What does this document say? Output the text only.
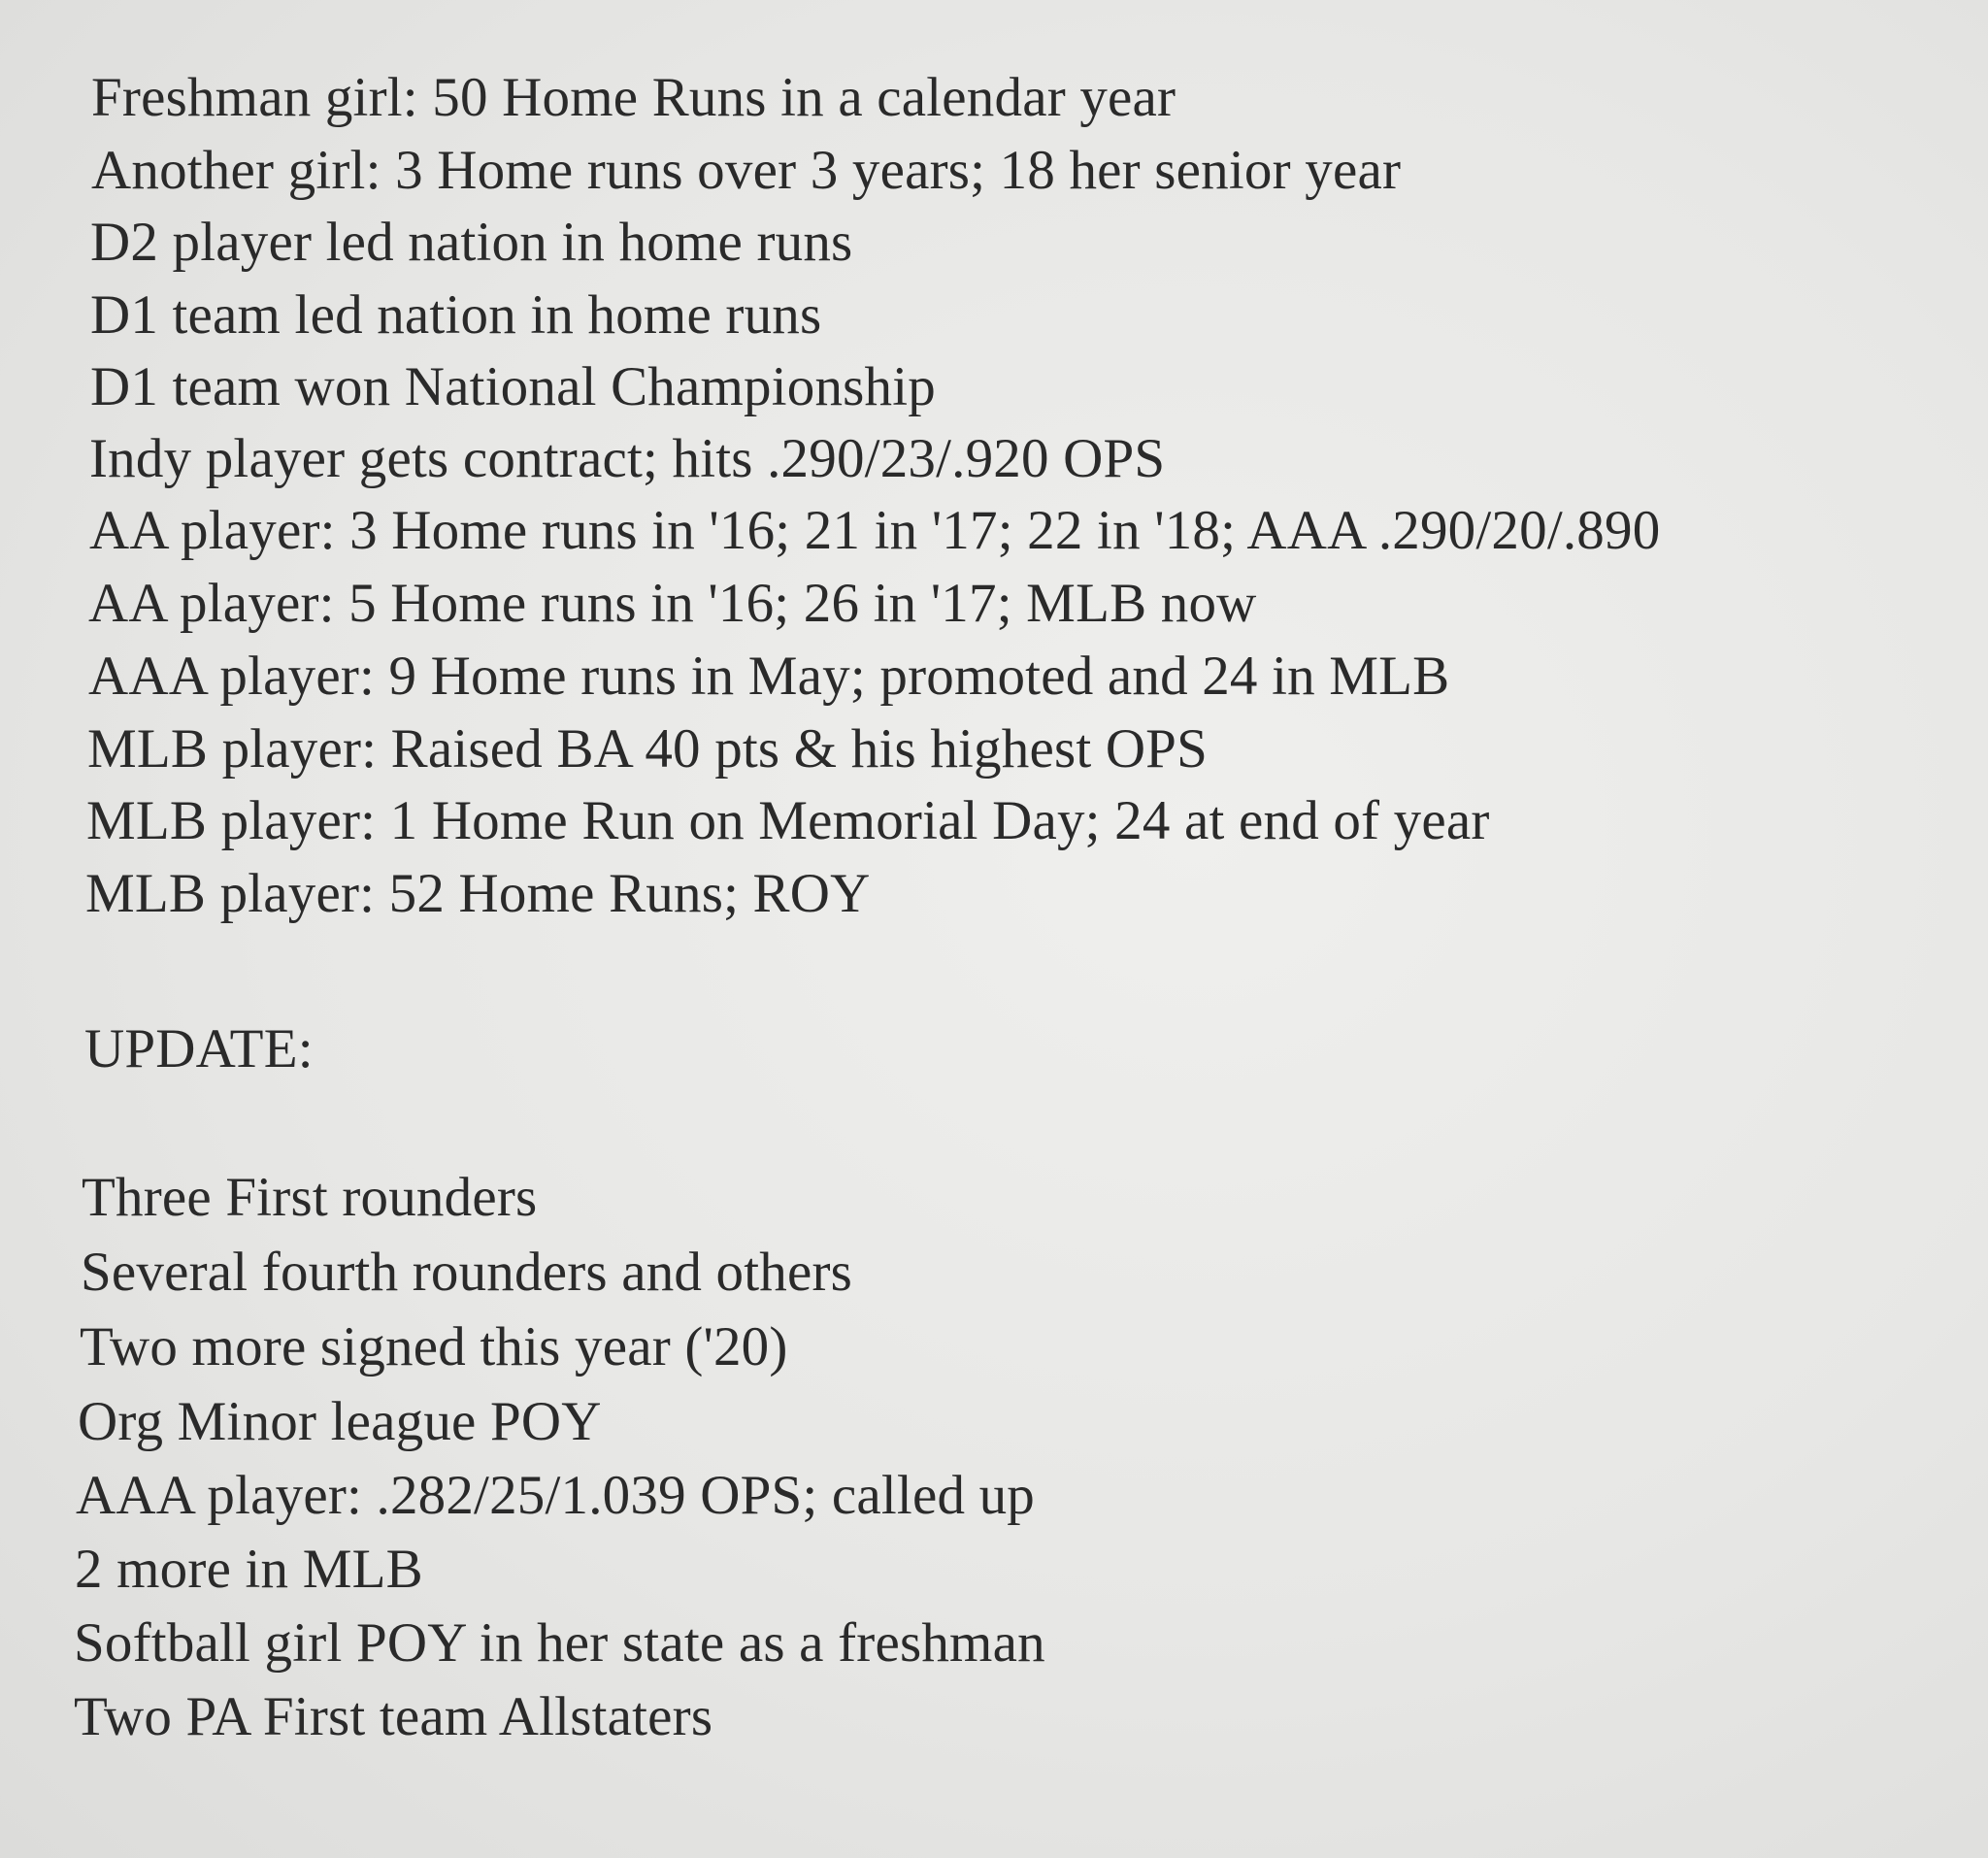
Freshman girl: 50 Home Runs in a calendar year
Another girl: 3 Home runs over 3 years; 18 her senior year
D2 player led nation in home runs
D1 team led nation in home runs
D1 team won National Championship
Indy player gets contract; hits .290/23/.920 OPS
AA player: 3 Home runs in '16; 21 in '17; 22 in '18; AAA .290/20/.890
AA player: 5 Home runs in '16; 26 in '17; MLB now
AAA player: 9 Home runs in May; promoted and 24 in MLB
MLB player: Raised BA 40 pts & his highest OPS
MLB player: 1 Home Run on Memorial Day; 24 at end of year
MLB player: 52 Home Runs; ROY
UPDATE:
Three First rounders
Several fourth rounders and others
Two more signed this year ('20)
Org Minor league POY
AAA player: .282/25/1.039 OPS; called up
2 more in MLB
Softball girl POY in her state as a freshman
Two PA First team Allstaters
